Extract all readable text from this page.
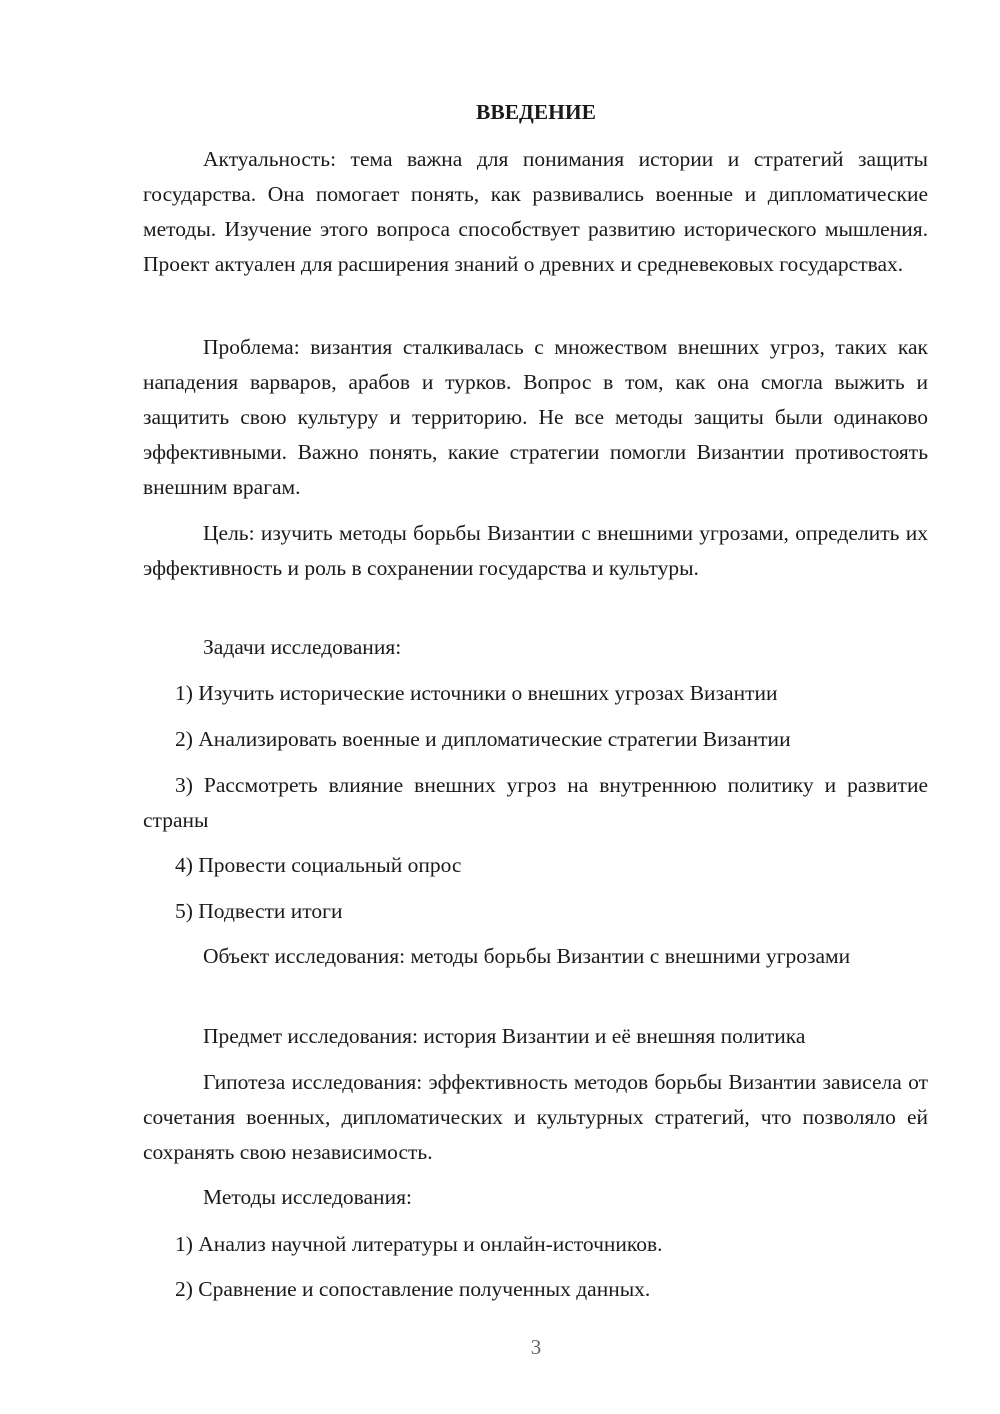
ВВЕДЕНИЕ

Актуальность: тема важна для понимания истории и стратегий защиты государства. Она помогает понять, как развивались военные и дипломатические методы. Изучение этого вопроса способствует развитию исторического мышления. Проект актуален для расширения знаний о древних и средневековых государствах.

Проблема: византия сталкивалась с множеством внешних угроз, таких как нападения варваров, арабов и турков. Вопрос в том, как она смогла выжить и защитить свою культуру и территорию. Не все методы защиты были одинаково эффективными. Важно понять, какие стратегии помогли Византии противостоять внешним врагам.

Цель: изучить методы борьбы Византии с внешними угрозами, определить их эффективность и роль в сохранении государства и культуры.

Задачи исследования:

1) Изучить исторические источники о внешних угрозах Византии

2) Анализировать военные и дипломатические стратегии Византии

3) Рассмотреть влияние внешних угроз на внутреннюю политику и развитие страны

4) Провести социальный опрос

5) Подвести итоги

Объект исследования: методы борьбы Византии с внешними угрозами

Предмет исследования: история Византии и её внешняя политика

Гипотеза исследования: эффективность методов борьбы Византии зависела от сочетания военных, дипломатических и культурных стратегий, что позволяло ей сохранять свою независимость.

Методы исследования:

1) Анализ научной литературы и онлайн-источников.

2) Сравнение и сопоставление полученных данных.

3
